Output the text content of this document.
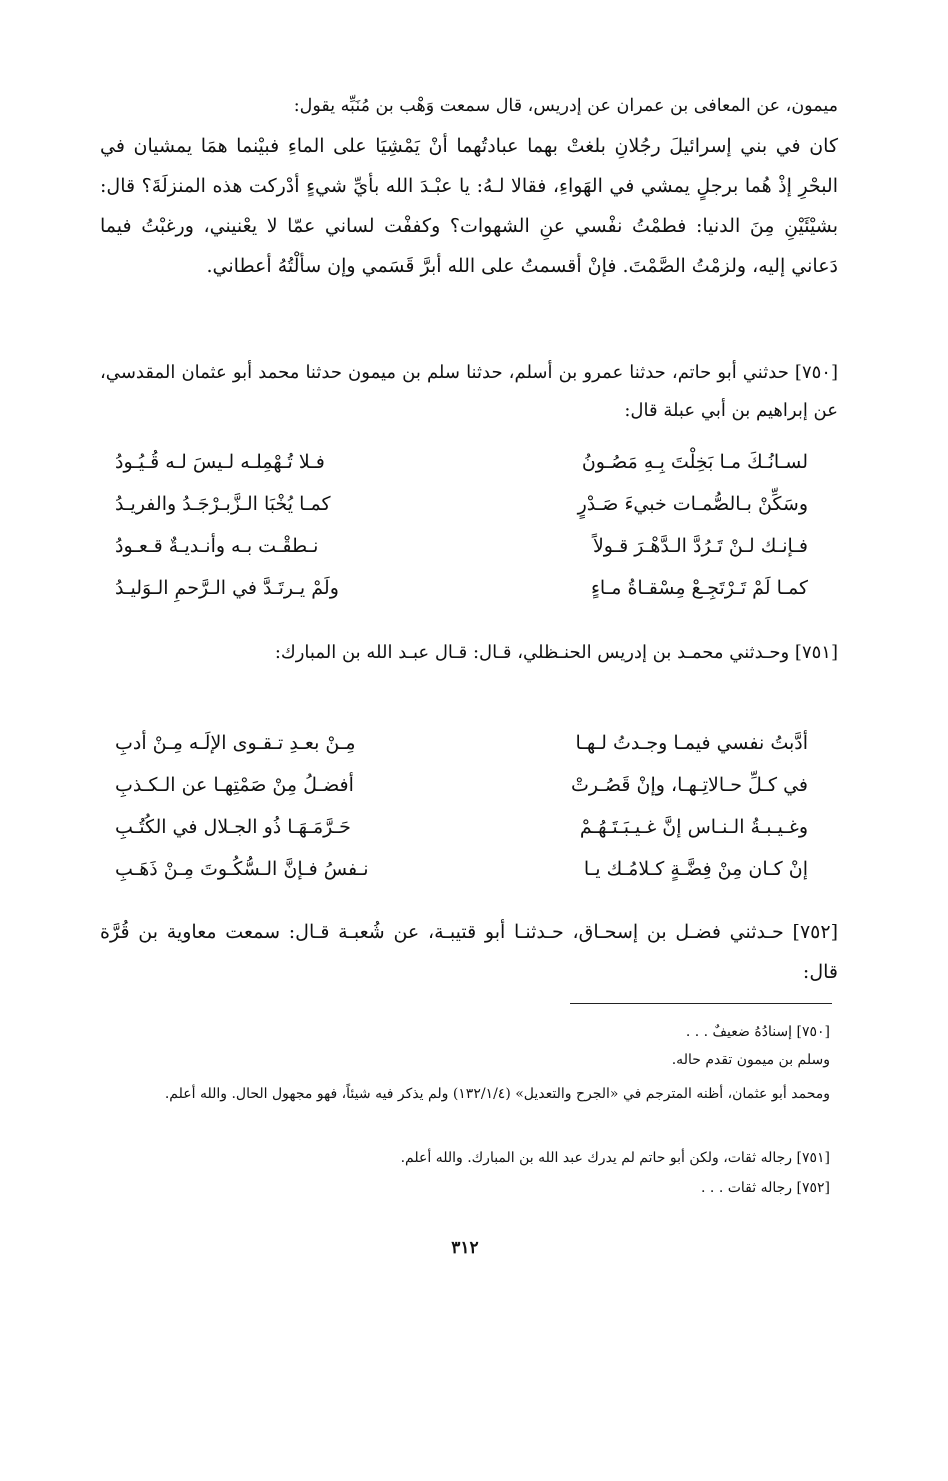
ميمون، عن المعافى بن عمران عن إدريس، قال سمعت وَهْب بن مُنَبِّه يقول:

كان في بني إسرائيلَ رجُلانِ بلغتْ بهما عبادتُهما أنْ يَمْشِيَا على الماءِ فبيْنما همَا يمشيان في البحْرِ إذْ هُما برجلٍ يمشي في الهَواءِ، فقالا لـهُ: يا عبْـدَ الله بأيِّ شيءٍ أدْركت هذه المنزلَةَ؟ قال: بشيْئَيْنِ مِنَ الدنيا: فطمْتُ نفْسي عنِ الشهوات؟ وكففْت لساني عمّا لا يعْنيني، ورغبْتُ فيما دَعاني إليه، ولزمْتُ الصَّمْتَ. فإنْ أقسمتُ على الله أبرَّ قَسَمي وإن سألْتُهُ أعطاني.

[٧٥٠] حدثني أبو حاتم، حدثنا عمرو بن أسلم، حدثنا سلم بن ميمون حدثنا محمد أبو عثمان المقدسي، عن إبراهيم بن أبي عبلة قال:

لسـانُـكَ مـا بَخِلْتَ بِـهِ مَصُـونُ
فـلا تُـهْمِلـه لـيسَ لـه قُـيُـودُ
وسَكِّنْ بـالصُّمـات خبيءَ صَـدْرٍ
كمـا يُخْبَا الـزَّبـرْجَـدُ والفريـدُ
فـإنـك لـنْ تَـرُدَّ الـدَّهْـرَ قـولاً
نـطقْـت بـه وأنـديـةٌ قـعـودُ
كمـا لَمْ تَـرْتَجِـعْ مِسْقـاةُ مـاءٍ
ولَمْ يـرتَـدَّ في الـرَّحمِ الـوَليـدُ

[٧٥١] وحـدثني محمـد بن إدريس الحنـظلي، قـال: قـال عبـد الله بن المبارك:

أدَّبتُ نفسي فيمـا وجـدتُ لـهـا
مِـنْ بعـدِ تـقـوى الإلَـه مِـنْ أدبِ
في كـلِّ حـالاتِـهـا، وإنْ قَصُـرتْ
أفضـلُ مِنْ صَمْتِهـا عن الـكـذبِ
وغـيـبـةُ الـنـاس إنَّ غـيـبَـتَـهُـمْ
حَـرَّمَـهَـا ذُو الجـلال في الكُتُـبِ
إنْ كـان مِنْ فِضَّـةٍ كـلامُـك يـا
نـفسُ فـإنَّ الـسُّكُـوتَ مِـنْ ذَهَـبِ

[٧٥٢] حـدثني فضـل بن إسحـاق، حـدثنـا أبو قتيبـة، عن شُعبـة قـال: سمعت معاوية بن قُرَّة قال:

[٧٥٠] إسنادُهُ ضعيفٌ . . .

وسلم بن ميمون تقدم حاله.

ومحمد أبو عثمان، أظنه المترجم في «الجرح والتعديل» (١٣٢/١/٤) ولم يذكر فيه شيئاً، فهو مجهول الحال. والله أعلم.

[٧٥١] رجاله ثقات، ولكن أبو حاتم لم يدرك عبد الله بن المبارك. والله أعلم.

[٧٥٢] رجاله ثقات . . .

٣١٢
